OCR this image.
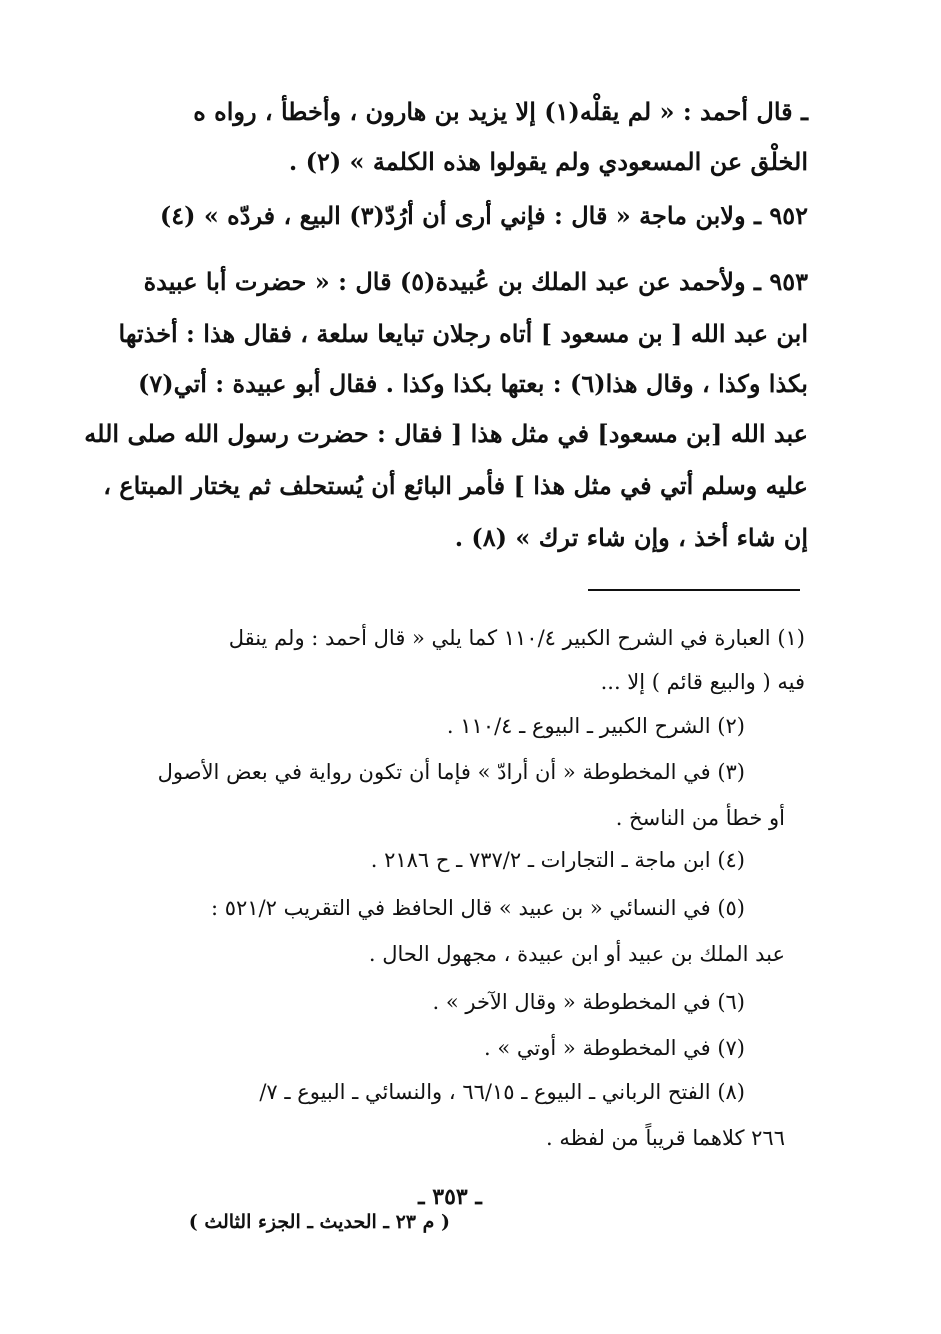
ـ قال أحمد : « لم يقلْه(١) إلا يزيد بن هارون ، وأخطأ ، رواه ه
الخلْق عن المسعودي ولم يقولوا هذه الكلمة » (٢) .
٩٥٢ ـ ولابن ماجة « قال : فإني أرى أن أرُدّ(٣) البيع ، فردّه » (٤)
٩٥٣ ـ ولأحمد عن عبد الملك بن عُبيدة(٥) قال : « حضرت أبا عبيدة
ابن عبد الله [ بن مسعود ] أتاه رجلان تبايعا سلعة ، فقال هذا : أخذتها
بكذا وكذا ، وقال هذا(٦) : بعتها بكذا وكذا . فقال أبو عبيدة : أتي(٧)
عبد الله [بن مسعود] في مثل هذا [ فقال : حضرت رسول الله صلى الله
عليه وسلم أتي في مثل هذا ] فأمر البائع أن يُستحلف ثم يختار المبتاع ،
إن شاء أخذ ، وإن شاء ترك » (٨) .
(١) العبارة في الشرح الكبير ١١٠/٤ كما يلي « قال أحمد : ولم ينقل
فيه ( والبيع قائم ) إلا ...
(٢) الشرح الكبير ـ البيوع ـ ١١٠/٤ .
(٣) في المخطوطة « أن أرادّ » فإما أن تكون رواية في بعض الأصول
أو خطأ من الناسخ .
(٤) ابن ماجة ـ التجارات ـ ٧٣٧/٢ ـ ح ٢١٨٦ .
(٥) في النسائي « بن عبيد » قال الحافظ في التقريب ٥٢١/٢ :
عبد الملك بن عبيد أو ابن عبيدة ، مجهول الحال .
(٦) في المخطوطة « وقال الآخر » .
(٧) في المخطوطة « أوتي » .
(٨) الفتح الرباني ـ البيوع ـ ٦٦/١٥ ، والنسائي ـ البيوع ـ ٧/
٢٦٦ كلاهما قريباً من لفظه .
ـ ٣٥٣ ـ
( م ٢٣ ـ الحديث ـ الجزء الثالث )
